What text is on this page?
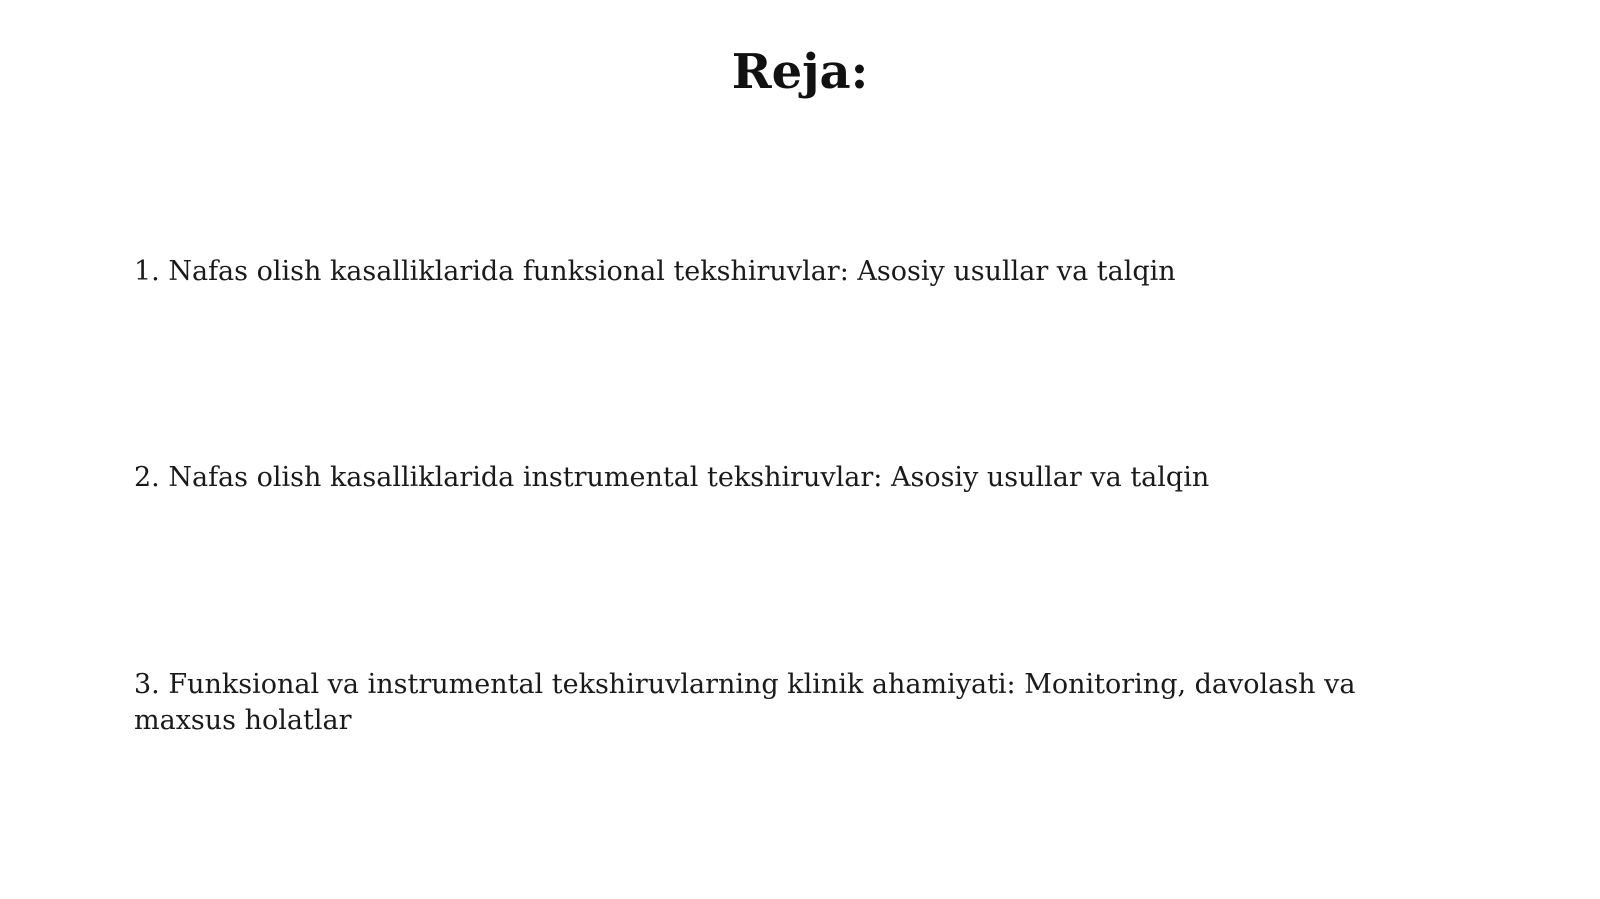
Reja:

1. Nafas olish kasalliklarida funksional tekshiruvlar: Asosiy usullar va talqin

2. Nafas olish kasalliklarida instrumental tekshiruvlar: Asosiy usullar va talqin

3. Funksional va instrumental tekshiruvlarning klinik ahamiyati: Monitoring, davolash va maxsus holatlar
